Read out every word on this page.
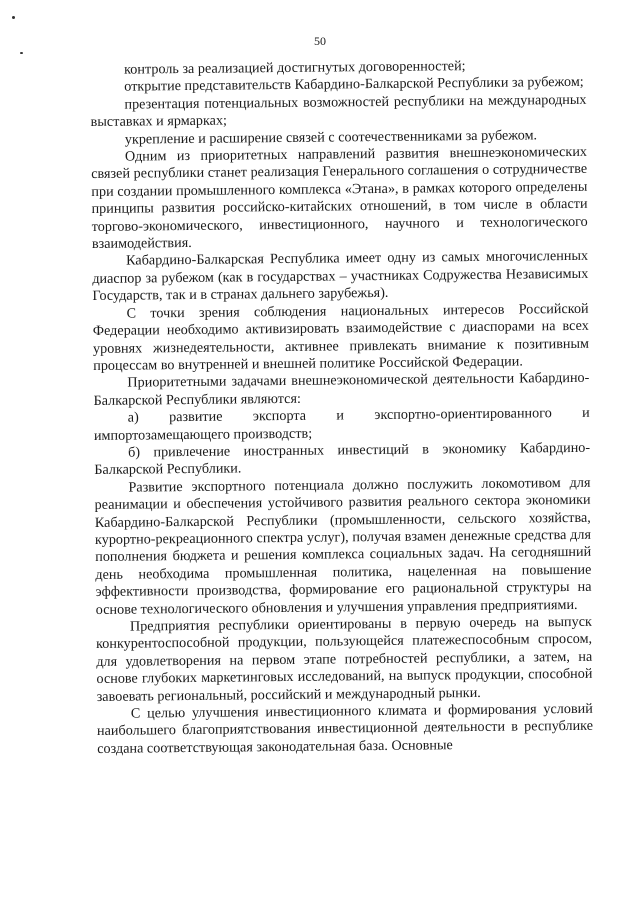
50

контроль за реализацией достигнутых договоренностей;

открытие представительств Кабардино-Балкарской Республики за рубежом;

презентация потенциальных возможностей республики на международных выставках и ярмарках;

укрепление и расширение связей с соотечественниками за рубежом.

Одним из приоритетных направлений развития внешнеэкономических связей республики станет реализация Генерального соглашения о сотрудничестве при создании промышленного комплекса «Этана», в рамках которого определены принципы развития российско-китайских отношений, в том числе в области торгово-экономического, инвестиционного, научного и технологического взаимодействия.

Кабардино-Балкарская Республика имеет одну из самых многочисленных диаспор за рубежом (как в государствах – участниках Содружества Независимых Государств, так и в странах дальнего зарубежья).

С точки зрения соблюдения национальных интересов Российской Федерации необходимо активизировать взаимодействие с диаспорами на всех уровнях жизнедеятельности, активнее привлекать внимание к позитивным процессам во внутренней и внешней политике Российской Федерации.

Приоритетными задачами внешнеэкономической деятельности Кабардино-Балкарской Республики являются:

а) развитие экспорта и экспортно-ориентированного и импортозамещающего производств;

б) привлечение иностранных инвестиций в экономику Кабардино-Балкарской Республики.

Развитие экспортного потенциала должно послужить локомотивом для реанимации и обеспечения устойчивого развития реального сектора экономики Кабардино-Балкарской Республики (промышленности, сельского хозяйства, курортно-рекреационного спектра услуг), получая взамен денежные средства для пополнения бюджета и решения комплекса социальных задач. На сегодняшний день необходима промышленная политика, нацеленная на повышение эффективности производства, формирование его рациональной структуры на основе технологического обновления и улучшения управления предприятиями.

Предприятия республики ориентированы в первую очередь на выпуск конкурентоспособной продукции, пользующейся платежеспособным спросом, для удовлетворения на первом этапе потребностей республики, а затем, на основе глубоких маркетинговых исследований, на выпуск продукции, способной завоевать региональный, российский и международный рынки.

С целью улучшения инвестиционного климата и формирования условий наибольшего благоприятствования инвестиционной деятельности в республике создана соответствующая законодательная база. Основные
